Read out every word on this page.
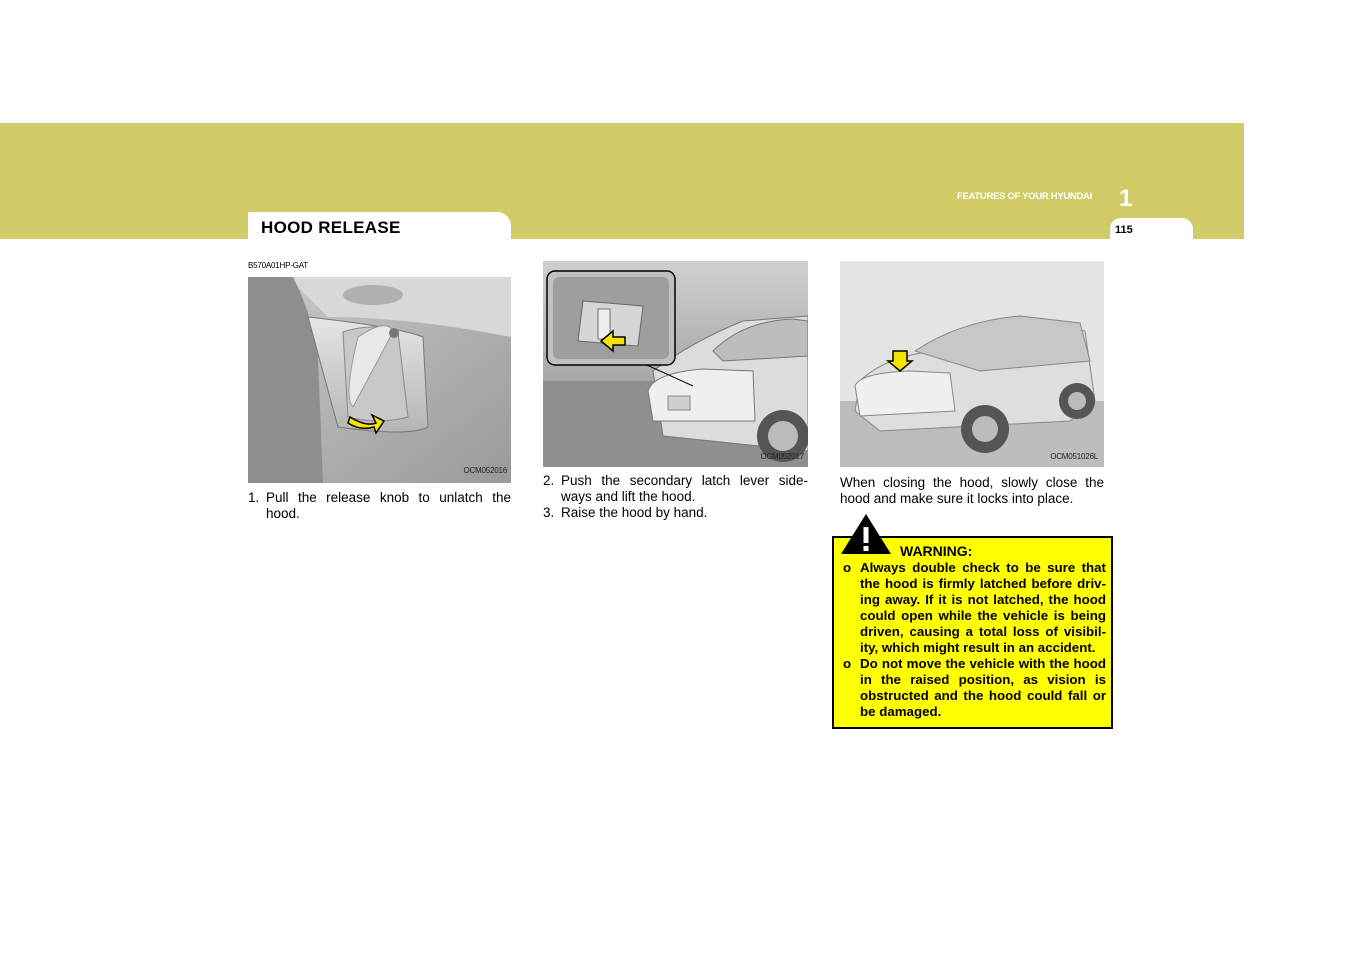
FEATURES OF YOUR HYUNDAI 1
115
HOOD RELEASE
B570A01HP-GAT
OCM052016
OCM052017	OCM051026L
1. Pull the release knob to unlatch the hood.
2. Push the secondary latch lever side-ways and lift the hood.
3. Raise the hood by hand.
When closing the hood, slowly close the hood and make sure it locks into place.
WARNING:
o Always double check to be sure that the hood is firmly latched before driv-ing away. If it is not latched, the hood could open while the vehicle is being driven, causing a total loss of visibil-ity, which might result in an accident.
o Do not move the vehicle with the hood in the raised position, as vision is obstructed and the hood could fall or be damaged.
